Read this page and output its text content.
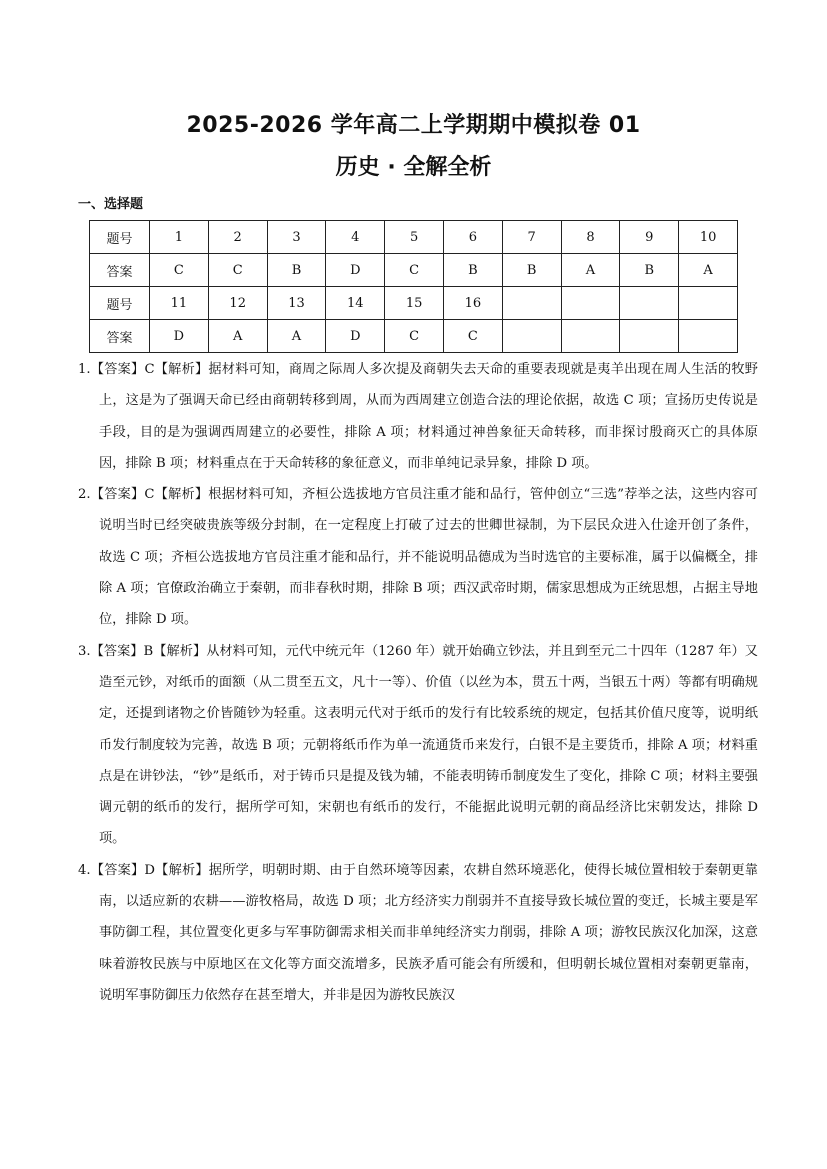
2025-2026 学年高二上学期期中模拟卷 01
历史 · 全解全析
一、选择题
题号	1	2	3	4	5	6	7	8	9	10
答案	C	C	B	D	C	B	B	A	B	A
题号	11	12	13	14	15	16				
答案	D	A	A	D	C	C				

1.【答案】C【解析】据材料可知，商周之际周人多次提及商朝失去天命的重要表现就是夷羊出现在周人生活的牧野上，这是为了强调天命已经由商朝转移到周，从而为西周建立创造合法的理论依据，故选 C 项；宣扬历史传说是手段，目的是为强调西周建立的必要性，排除 A 项；材料通过神兽象征天命转移，而非探讨殷商灭亡的具体原因，排除 B 项；材料重点在于天命转移的象征意义，而非单纯记录异象，排除 D 项。

2.【答案】C【解析】根据材料可知，齐桓公选拔地方官员注重才能和品行，管仲创立“三选”荐举之法，这些内容可说明当时已经突破贵族等级分封制，在一定程度上打破了过去的世卿世禄制，为下层民众进入仕途开创了条件，故选 C 项；齐桓公选拔地方官员注重才能和品行，并不能说明品德成为当时选官的主要标准，属于以偏概全，排除 A 项；官僚政治确立于秦朝，而非春秋时期，排除 B 项；西汉武帝时期，儒家思想成为正统思想，占据主导地位，排除 D 项。

3.【答案】B【解析】从材料可知，元代中统元年（1260 年）就开始确立钞法，并且到至元二十四年（1287 年）又造至元钞，对纸币的面额（从二贯至五文，凡十一等）、价值（以丝为本，贯五十两，当银五十两）等都有明确规定，还提到诸物之价皆随钞为轻重。这表明元代对于纸币的发行有比较系统的规定，包括其价值尺度等，说明纸币发行制度较为完善，故选 B 项；元朝将纸币作为单一流通货币来发行，白银不是主要货币，排除 A 项；材料重点是在讲钞法，“钞”是纸币，对于铸币只是提及钱为辅，不能表明铸币制度发生了变化，排除 C 项；材料主要强调元朝的纸币的发行，据所学可知，宋朝也有纸币的发行，不能据此说明元朝的商品经济比宋朝发达，排除 D 项。

4.【答案】D【解析】据所学，明朝时期、由于自然环境等因素，农耕自然环境恶化，使得长城位置相较于秦朝更靠南，以适应新的农耕——游牧格局，故选 D 项；北方经济实力削弱并不直接导致长城位置的变迁，长城主要是军事防御工程，其位置变化更多与军事防御需求相关而非单纯经济实力削弱，排除 A 项；游牧民族汉化加深，这意味着游牧民族与中原地区在文化等方面交流增多，民族矛盾可能会有所缓和，但明朝长城位置相对秦朝更靠南，说明军事防御压力依然存在甚至增大，并非是因为游牧民族汉
